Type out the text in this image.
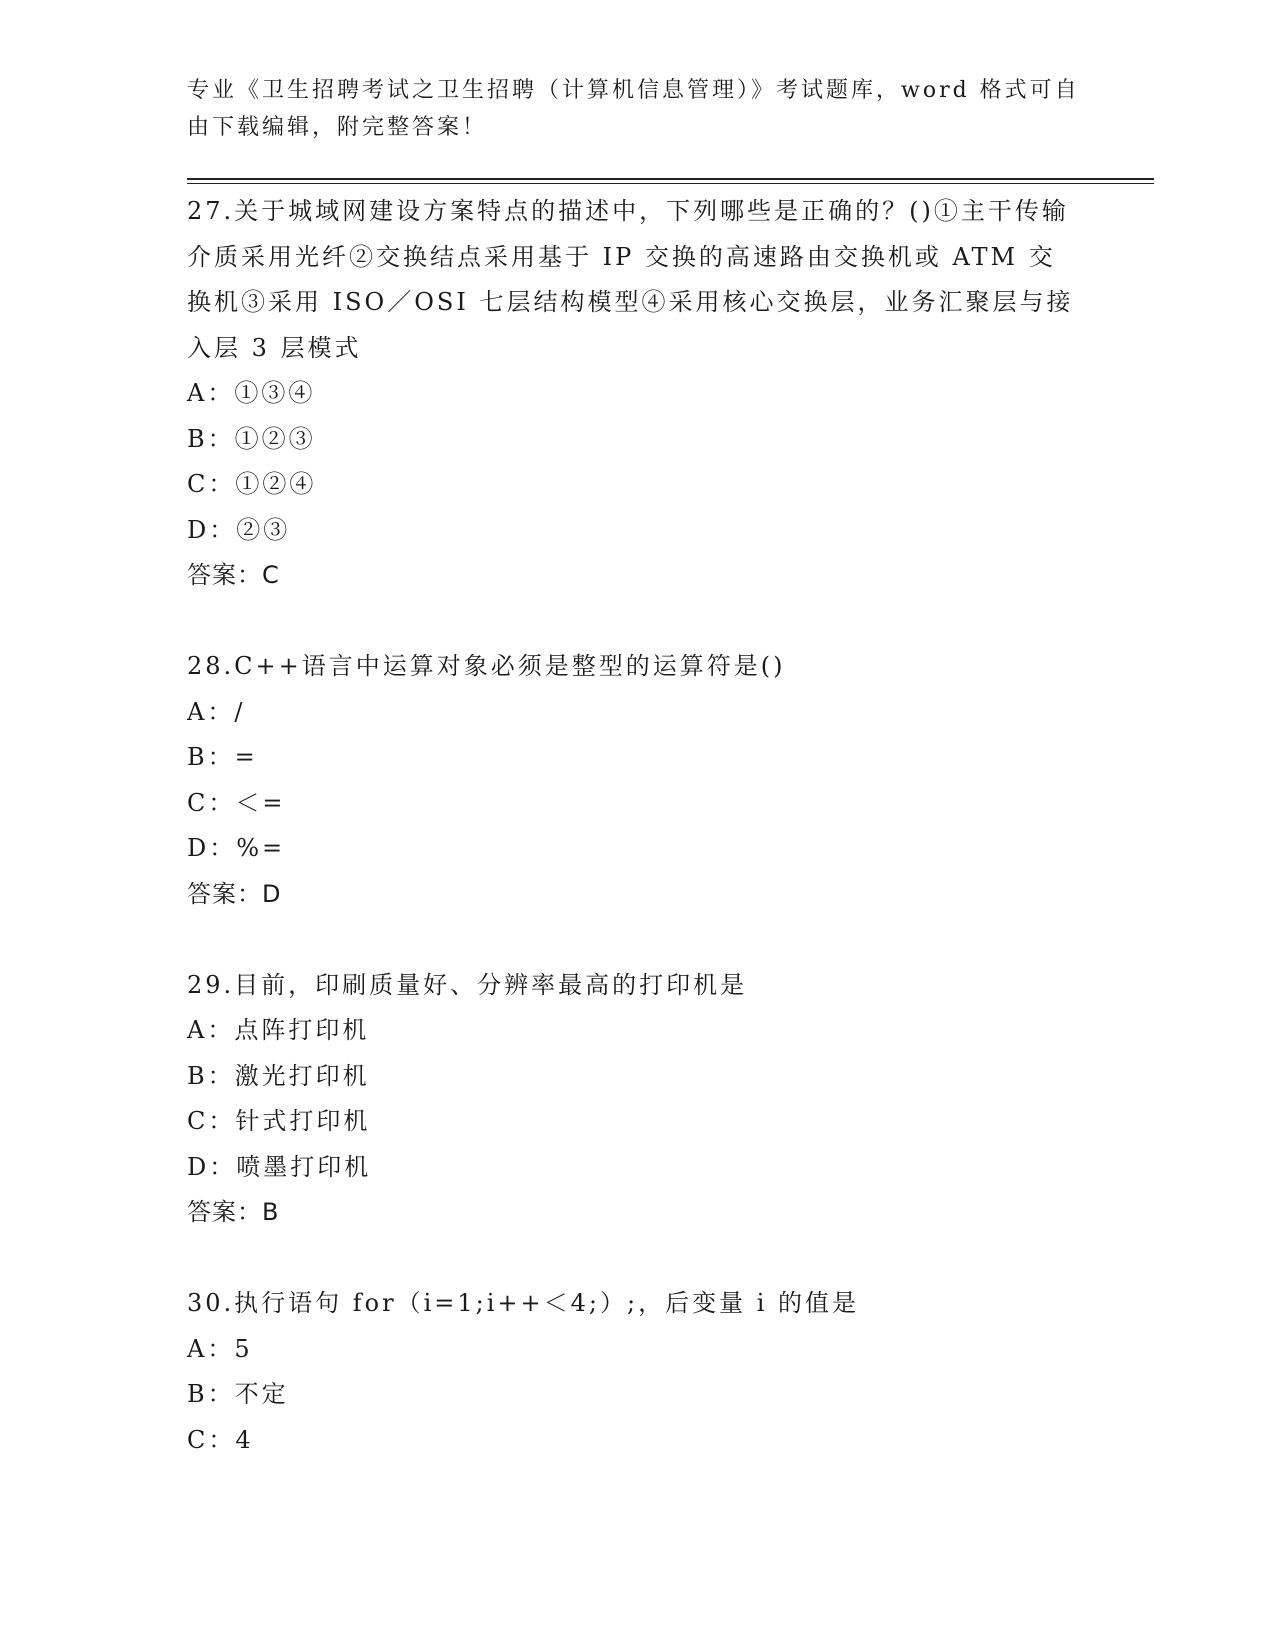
专业《卫生招聘考试之卫生招聘（计算机信息管理）》考试题库，word 格式可自由下载编辑，附完整答案！
27.关于城域网建设方案特点的描述中，下列哪些是正确的？()①主干传输介质采用光纤②交换结点采用基于 IP 交换的高速路由交换机或 ATM 交换机③采用 ISO／OSI 七层结构模型④采用核心交换层，业务汇聚层与接入层 3 层模式
A：①③④
B：①②③
C：①②④
D：②③
答案：C
28.C++语言中运算对象必须是整型的运算符是()
A：/
B：=
C：＜=
D：%=
答案：D
29.目前，印刷质量好、分辨率最高的打印机是
A：点阵打印机
B：激光打印机
C：针式打印机
D：喷墨打印机
答案：B
30.执行语句 for（i=1;i++＜4;）;，后变量 i 的值是
A：5
B：不定
C：4
